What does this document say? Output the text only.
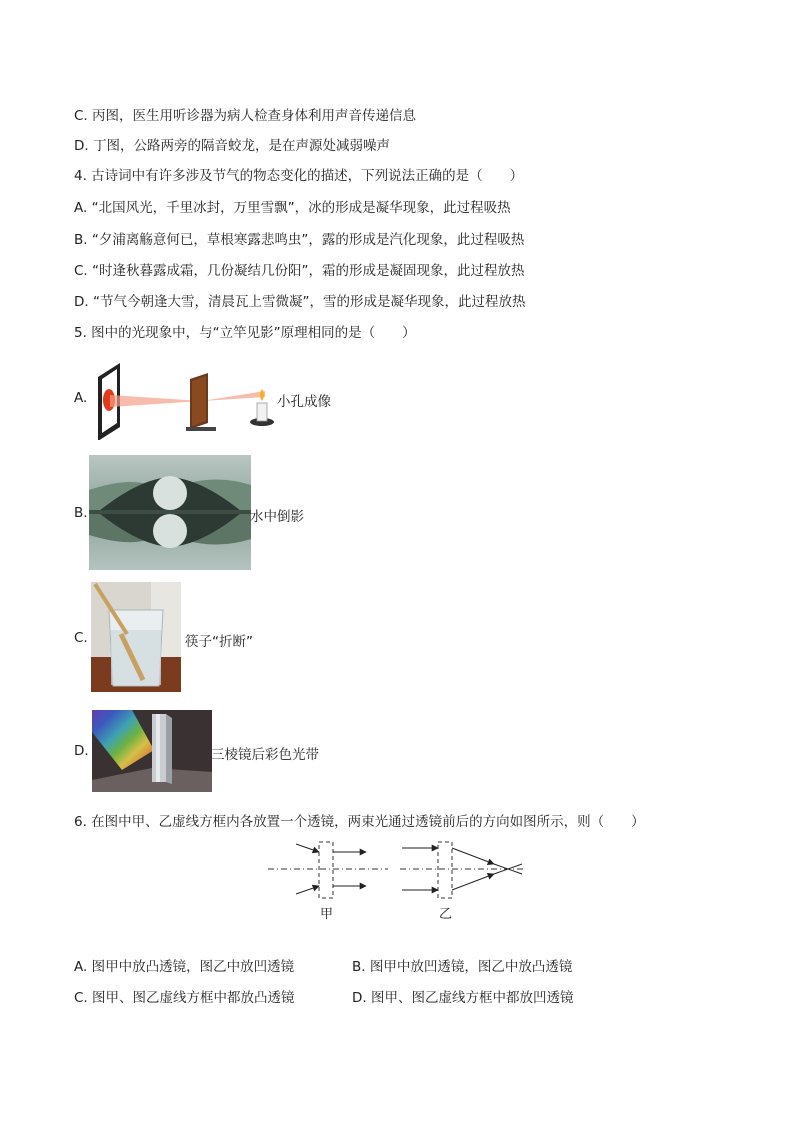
C. 丙图，医生用听诊器为病人检查身体利用声音传递信息
D. 丁图，公路两旁的隔音蛟龙，是在声源处减弱噪声
4. 古诗词中有许多涉及节气的物态变化的描述，下列说法正确的是（　　）
A. “北国风光，千里冰封，万里雪飘”，冰的形成是凝华现象，此过程吸热
B. “夕浦离觞意何已，草根寒露悲鸣虫”，露的形成是汽化现象，此过程吸热
C. “时逢秋暮露成霜，几份凝结几份阳”，霜的形成是凝固现象，此过程放热
D. “节气今朝逢大雪，清晨瓦上雪微凝”，雪的形成是凝华现象，此过程放热
5. 图中的光现象中，与“立竿见影”原理相同的是（　　）
A.	小孔成像
B.	水中倒影
C.	筷子“折断”
D.	三棱镜后彩色光带
6. 在图中甲、乙虚线方框内各放置一个透镜，两束光通过透镜前后的方向如图所示，则（　　）
甲	乙
A. 图甲中放凸透镜，图乙中放凹透镜	B. 图甲中放凹透镜，图乙中放凸透镜
C. 图甲、图乙虚线方框中都放凸透镜	D. 图甲、图乙虚线方框中都放凹透镜
